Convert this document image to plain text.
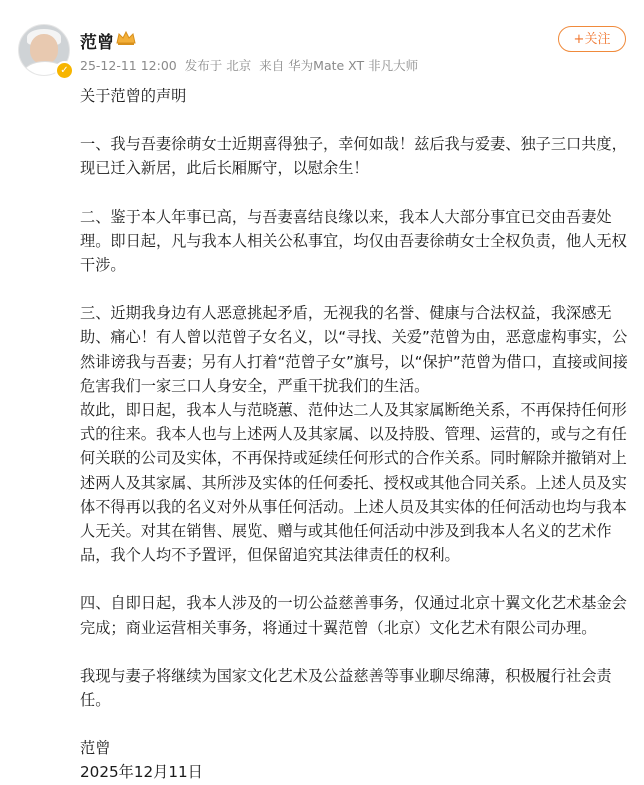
✓
范曾
25-12-11 12:00 发布于 北京 来自 华为Mate XT 非凡大师
+关注

关于范曾的声明

一、我与吾妻徐萌女士近期喜得独子，幸何如哉！兹后我与爱妻、独子三口共度，现已迁入新居，此后长厢厮守，以慰余生！

二、鉴于本人年事已高，与吾妻喜结良缘以来，我本人大部分事宜已交由吾妻处理。即日起，凡与我本人相关公私事宜，均仅由吾妻徐萌女士全权负责，他人无权干涉。

三、近期我身边有人恶意挑起矛盾，无视我的名誉、健康与合法权益，我深感无助、痛心！有人曾以范曾子女名义，以“寻找、关爱”范曾为由，恶意虚构事实，公然诽谤我与吾妻；另有人打着“范曾子女”旗号，以“保护”范曾为借口，直接或间接危害我们一家三口人身安全，严重干扰我们的生活。

故此，即日起，我本人与范晓蕙、范仲达二人及其家属断绝关系，不再保持任何形式的往来。我本人也与上述两人及其家属、以及持股、管理、运营的，或与之有任何关联的公司及实体，不再保持或延续任何形式的合作关系。同时解除并撤销对上述两人及其家属、其所涉及实体的任何委托、授权或其他合同关系。上述人员及实体不得再以我的名义对外从事任何活动。上述人员及其实体的任何活动也均与我本人无关。对其在销售、展览、赠与或其他任何活动中涉及到我本人名义的艺术作品，我个人均不予置评，但保留追究其法律责任的权利。

四、自即日起，我本人涉及的一切公益慈善事务，仅通过北京十翼文化艺术基金会完成；商业运营相关事务，将通过十翼范曾（北京）文化艺术有限公司办理。

我现与妻子将继续为国家文化艺术及公益慈善等事业聊尽绵薄，积极履行社会责任。

范曾

2025年12月11日
